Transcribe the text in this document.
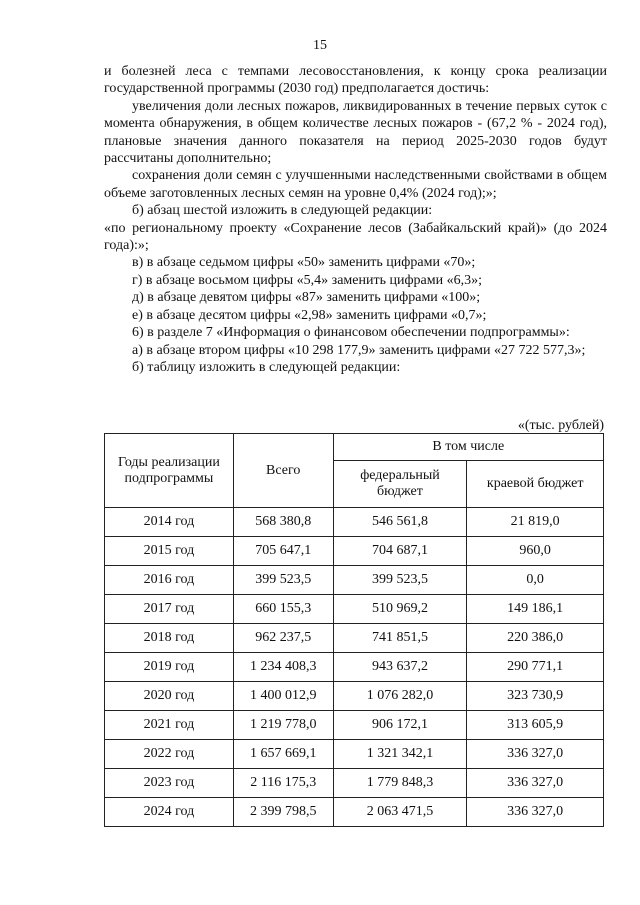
15

и болезней леса с темпами лесовосстановления, к концу срока реализации государственной программы (2030 год) предполагается достичь:

увеличения доли лесных пожаров, ликвидированных в течение первых суток с момента обнаружения, в общем количестве лесных пожаров - (67,2 % - 2024 год), плановые значения данного показателя на период 2025-2030 годов будут рассчитаны дополнительно;

сохранения доли семян с улучшенными наследственными свойствами в общем объеме заготовленных лесных семян на уровне 0,4% (2024 год);»;

б) абзац шестой изложить в следующей редакции:

«по региональному проекту «Сохранение лесов (Забайкальский край)» (до 2024 года):»;

в) в абзаце седьмом цифры «50» заменить цифрами «70»;

г) в абзаце восьмом цифры «5,4» заменить цифрами «6,3»;

д) в абзаце девятом цифры «87» заменить цифрами «100»;

е) в абзаце десятом цифры «2,98» заменить цифрами «0,7»;

6) в разделе 7 «Информация о финансовом обеспечении подпрограммы»:

а) в абзаце втором цифры «10 298 177,9» заменить цифрами «27 722 577,3»;

б) таблицу изложить в следующей редакции:

«(тыс. рублей)
Годы реализации подпрограммы	Всего	В том числе	
		федеральный бюджет	краевой бюджет
2014 год	568 380,8	546 561,8	21 819,0
2015 год	705 647,1	704 687,1	960,0
2016 год	399 523,5	399 523,5	0,0
2017 год	660 155,3	510 969,2	149 186,1
2018 год	962 237,5	741 851,5	220 386,0
2019 год	1 234 408,3	943 637,2	290 771,1
2020 год	1 400 012,9	1 076 282,0	323 730,9
2021 год	1 219 778,0	906 172,1	313 605,9
2022 год	1 657 669,1	1 321 342,1	336 327,0
2023 год	2 116 175,3	1 779 848,3	336 327,0
2024 год	2 399 798,5	2 063 471,5	336 327,0
